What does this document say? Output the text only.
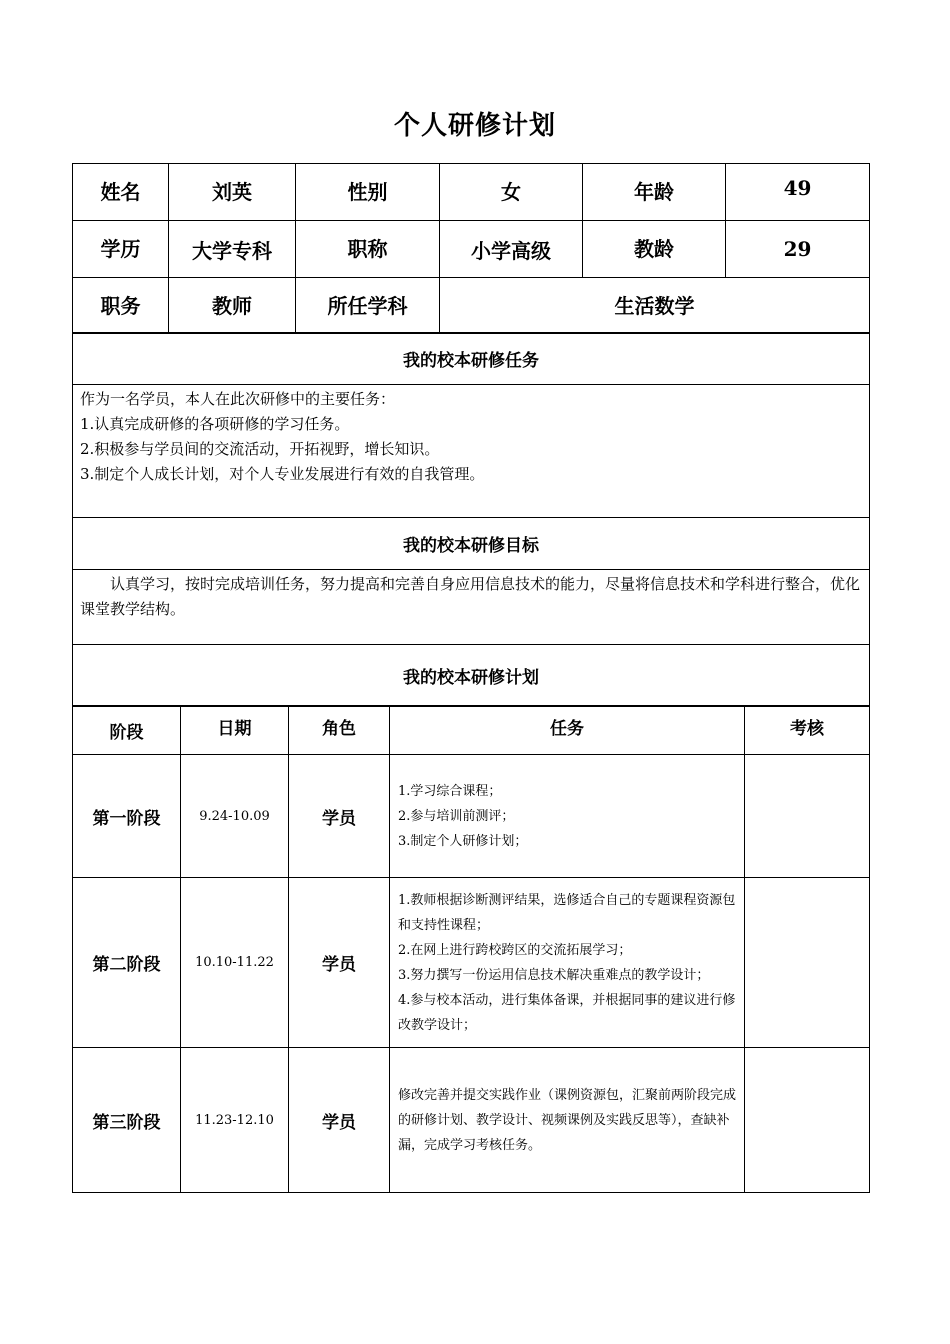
个人研修计划
姓名	刘英	性别	女	年龄	49
学历	大学专科	职称	小学高级	教龄	29
职务	教师	所任学科	生活数学		
我的校本研修任务

作为一名学员，本人在此次研修中的主要任务：

1.认真完成研修的各项研修的学习任务。

2.积极参与学员间的交流活动，开拓视野，增长知识。

3.制定个人成长计划，对个人专业发展进行有效的自我管理。

我的校本研修目标

认真学习，按时完成培训任务，努力提高和完善自身应用信息技术的能力，尽量将信息技术和学科进行整合，优化课堂教学结构。

我的校本研修计划
阶段	日期	角色	任务	考核
第一阶段	9.24-10.09	学员	1.学习综合课程；

2.参与培训前测评；

3.制定个人研修计划；	

第二阶段	10.10-11.22	学员	1.教师根据诊断测评结果，选修适合自己的专题课程资源包和支持性课程；

2.在网上进行跨校跨区的交流拓展学习；

3.努力撰写一份运用信息技术解决重难点的教学设计；

4.参与校本活动，进行集体备课，并根据同事的建议进行修改教学设计；	

第三阶段	11.23-12.10	学员	修改完善并提交实践作业（课例资源包，汇聚前两阶段完成的研修计划、教学设计、视频课例及实践反思等），查缺补漏，完成学习考核任务。	
